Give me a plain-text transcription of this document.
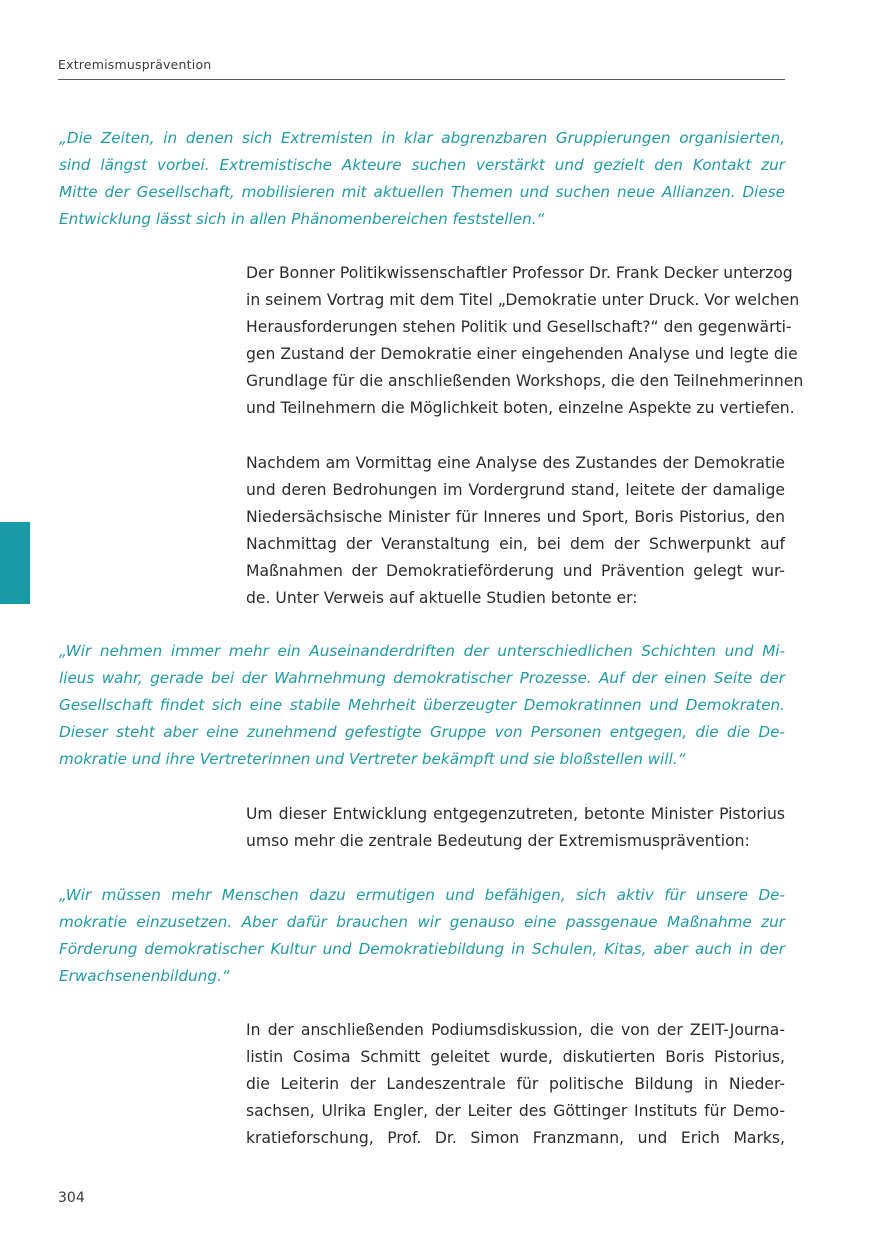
Extremismusprävention

„Die Zeiten, in denen sich Extremisten in klar abgrenzbaren Gruppierungen organisierten,
sind längst vorbei. Extremistische Akteure suchen verstärkt und gezielt den Kontakt zur
Mitte der Gesellschaft, mobilisieren mit aktuellen Themen und suchen neue Allianzen. Diese
Entwicklung lässt sich in allen Phänomenbereichen feststellen.“

Der Bonner Politikwissenschaftler Professor Dr. Frank Decker unterzog
in seinem Vortrag mit dem Titel „Demokratie unter Druck. Vor welchen
Herausforderungen stehen Politik und Gesellschaft?“ den gegenwärti-
gen Zustand der Demokratie einer eingehenden Analyse und legte die
Grundlage für die anschließenden Workshops, die den Teilnehmerinnen
und Teilnehmern die Möglichkeit boten, einzelne Aspekte zu vertiefen.

Nachdem am Vormittag eine Analyse des Zustandes der Demokratie
und deren Bedrohungen im Vordergrund stand, leitete der damalige
Niedersächsische Minister für Inneres und Sport, Boris Pistorius, den
Nachmittag der Veranstaltung ein, bei dem der Schwerpunkt auf
Maßnahmen der Demokratieförderung und Prävention gelegt wur-
de. Unter Verweis auf aktuelle Studien betonte er:

„Wir nehmen immer mehr ein Auseinanderdriften der unterschiedlichen Schichten und Mi-
lieus wahr, gerade bei der Wahrnehmung demokratischer Prozesse. Auf der einen Seite der
Gesellschaft findet sich eine stabile Mehrheit überzeugter Demokratinnen und Demokraten.
Dieser steht aber eine zunehmend gefestigte Gruppe von Personen entgegen, die die De-
mokratie und ihre Vertreterinnen und Vertreter bekämpft und sie bloßstellen will.“

Um dieser Entwicklung entgegenzutreten, betonte Minister Pistorius
umso mehr die zentrale Bedeutung der Extremismusprävention:

„Wir müssen mehr Menschen dazu ermutigen und befähigen, sich aktiv für unsere De-
mokratie einzusetzen. Aber dafür brauchen wir genauso eine passgenaue Maßnahme zur
Förderung demokratischer Kultur und Demokratiebildung in Schulen, Kitas, aber auch in der
Erwachsenenbildung.“

In der anschließenden Podiumsdiskussion, die von der ZEIT-Journa-
listin Cosima Schmitt geleitet wurde, diskutierten Boris Pistorius,
die Leiterin der Landeszentrale für politische Bildung in Nieder-
sachsen, Ulrika Engler, der Leiter des Göttinger Instituts für Demo-
kratieforschung, Prof. Dr. Simon Franzmann, und Erich Marks,

304
